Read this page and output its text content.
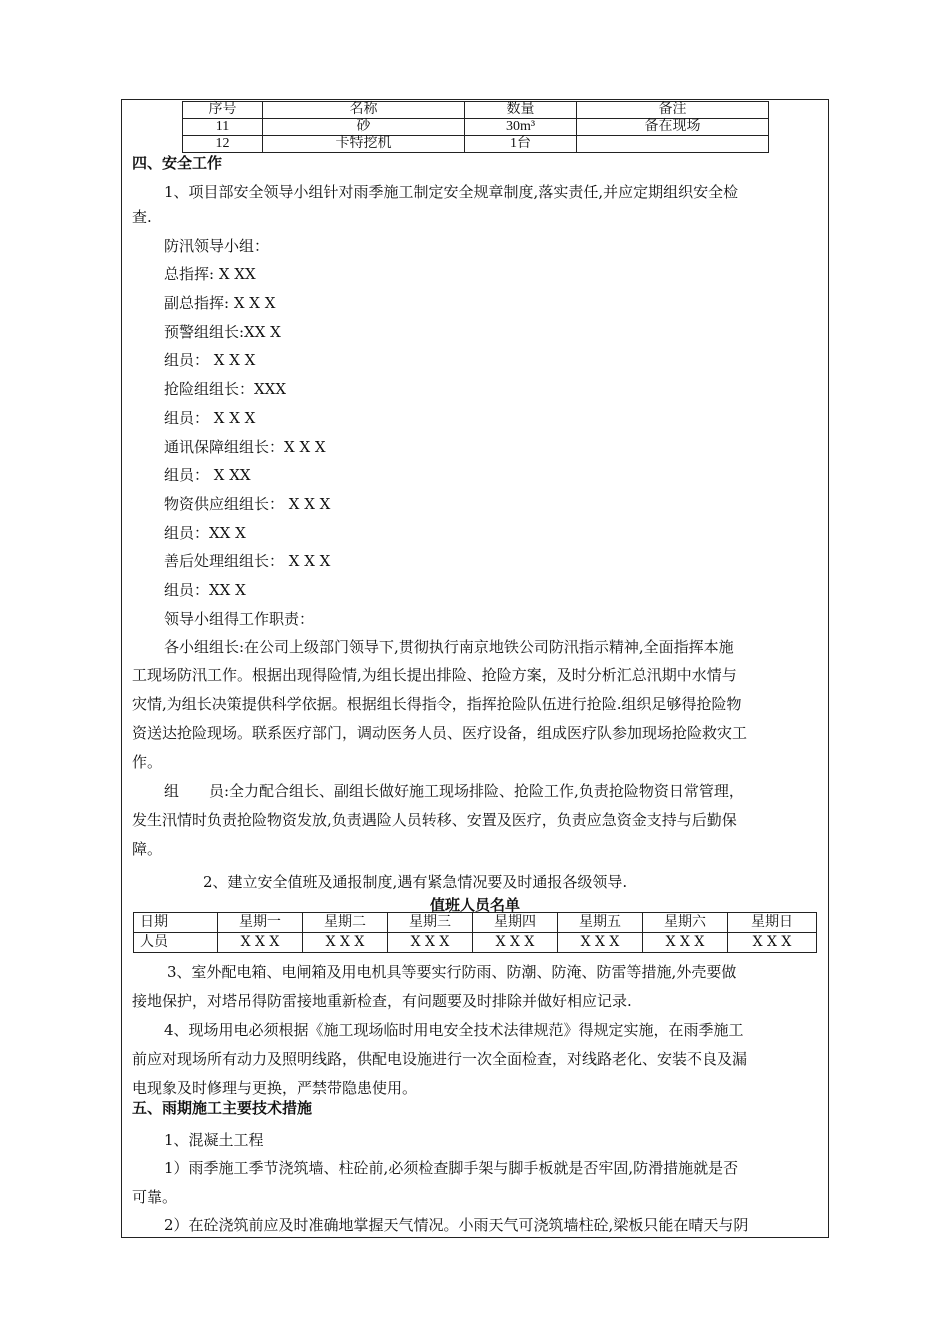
序号	名称	数量	备注
11	砂	30m³	备在现场
12	卡特挖机	1台	
四、安全工作
1、项目部安全领导小组针对雨季施工制定安全规章制度,落实责任,并应定期组织安全检
查.
防汛领导小组：
总指挥: X XX
副总指挥: X X X
预警组组长:XX X
组员： X X X
抢险组组长：XXX
组员： X X X
通讯保障组组长：X X X
组员： X XX
物资供应组组长： X X X
组员：XX X
善后处理组组长： X X X
组员：XX X
领导小组得工作职责：
各小组组长:在公司上级部门领导下,贯彻执行南京地铁公司防汛指示精神,全面指挥本施
工现场防汛工作。根据出现得险情,为组长提出排险、抢险方案，及时分析汇总汛期中水情与
灾情,为组长决策提供科学依据。根据组长得指令，指挥抢险队伍进行抢险.组织足够得抢险物
资送达抢险现场。联系医疗部门，调动医务人员、医疗设备，组成医疗队参加现场抢险救灾工
作。
组　　员:全力配合组长、副组长做好施工现场排险、抢险工作,负责抢险物资日常管理，
发生汛情时负责抢险物资发放,负责遇险人员转移、安置及医疗，负责应急资金支持与后勤保
障。
2、建立安全值班及通报制度,遇有紧急情况要及时通报各级领导.
值班人员名单
日期	星期一	星期二	星期三	星期四	星期五	星期六	星期日
人员	X X X	X X X	X X X	X X X	X X X	X X X	X X X
3、室外配电箱、电闸箱及用电机具等要实行防雨、防潮、防淹、防雷等措施,外壳要做
接地保护，对塔吊得防雷接地重新检查，有问题要及时排除并做好相应记录.
4、现场用电必须根据《施工现场临时用电安全技术法律规范》得规定实施，在雨季施工
前应对现场所有动力及照明线路，供配电设施进行一次全面检查，对线路老化、安装不良及漏
电现象及时修理与更换，严禁带隐患使用。
五、雨期施工主要技术措施
1、混凝土工程
1）雨季施工季节浇筑墙、柱砼前,必须检查脚手架与脚手板就是否牢固,防滑措施就是否
可靠。
2）在砼浇筑前应及时准确地掌握天气情况。小雨天气可浇筑墙柱砼,梁板只能在晴天与阴
